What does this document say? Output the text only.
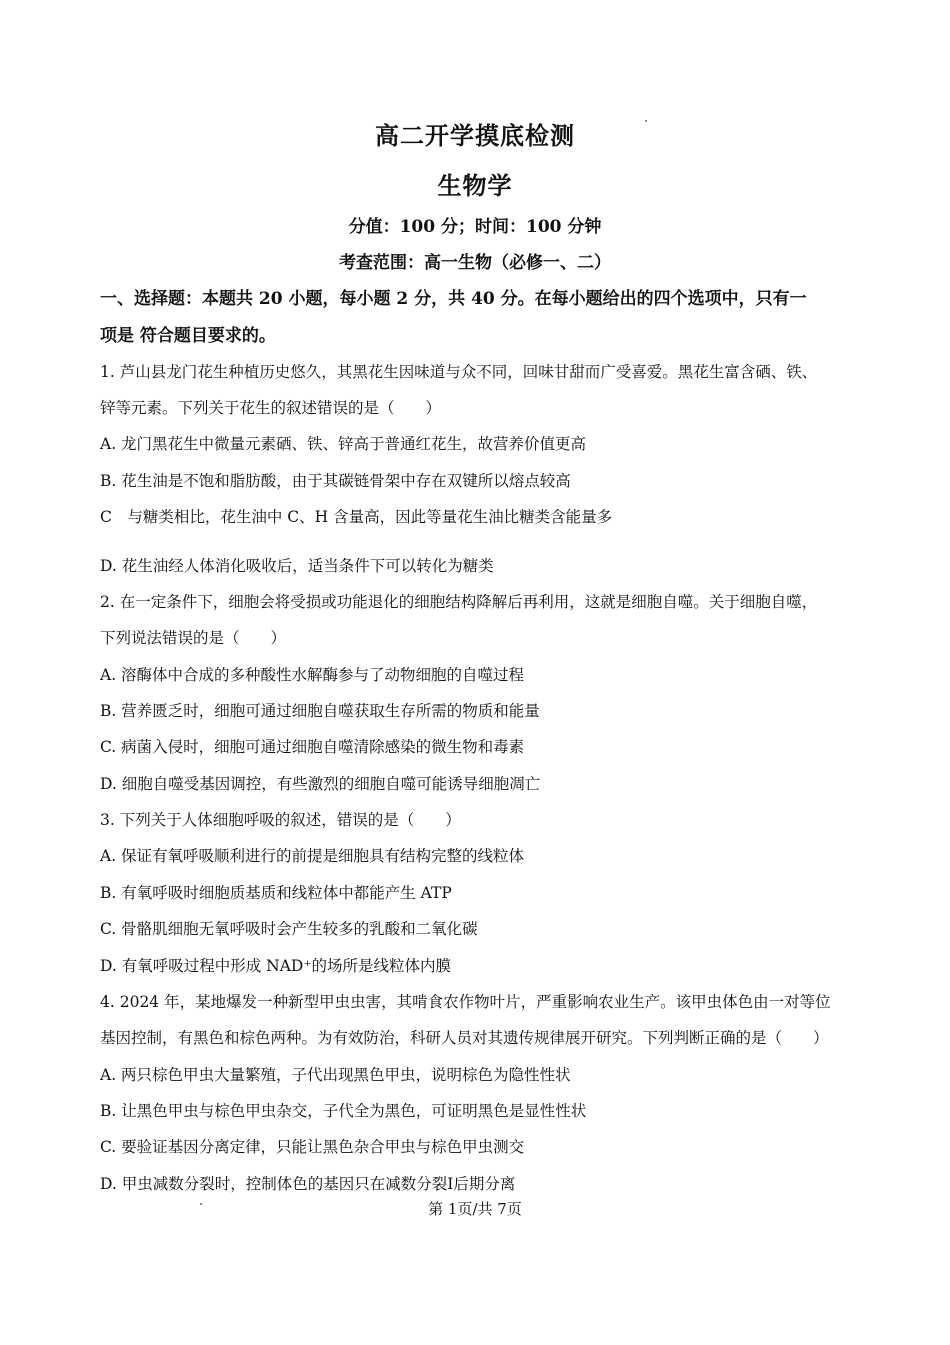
高二开学摸底检测
生物学
分值：100 分；时间：100 分钟
考查范围：高一生物（必修一、二）
一、选择题：本题共 20 小题，每小题 2 分，共 40 分。在每小题给出的四个选项中，只有一
项是 符合题目要求的。
1. 芦山县龙门花生种植历史悠久，其黑花生因味道与众不同，回味甘甜而广受喜爱。黑花生富含硒、铁、
锌等元素。下列关于花生的叙述错误的是（　　）
A. 龙门黑花生中微量元素硒、铁、锌高于普通红花生，故营养价值更高
B. 花生油是不饱和脂肪酸，由于其碳链骨架中存在双键所以熔点较高
C　与糖类相比，花生油中 C、H 含量高，因此等量花生油比糖类含能量多
D. 花生油经人体消化吸收后，适当条件下可以转化为糖类
2. 在一定条件下，细胞会将受损或功能退化的细胞结构降解后再利用，这就是细胞自噬。关于细胞自噬，
下列说法错误的是（　　）
A. 溶酶体中合成的多种酸性水解酶参与了动物细胞的自噬过程
B. 营养匮乏时，细胞可通过细胞自噬获取生存所需的物质和能量
C. 病菌入侵时，细胞可通过细胞自噬清除感染的微生物和毒素
D. 细胞自噬受基因调控，有些激烈的细胞自噬可能诱导细胞凋亡
3. 下列关于人体细胞呼吸的叙述，错误的是（　　）
A. 保证有氧呼吸顺利进行的前提是细胞具有结构完整的线粒体
B. 有氧呼吸时细胞质基质和线粒体中都能产生 ATP
C. 骨骼肌细胞无氧呼吸时会产生较多的乳酸和二氧化碳
D. 有氧呼吸过程中形成 NAD⁺的场所是线粒体内膜
4. 2024 年，某地爆发一种新型甲虫虫害，其啃食农作物叶片，严重影响农业生产。该甲虫体色由一对等位
基因控制，有黑色和棕色两种。为有效防治，科研人员对其遗传规律展开研究。下列判断正确的是（　　）
A. 两只棕色甲虫大量繁殖，子代出现黑色甲虫，说明棕色为隐性性状
B. 让黑色甲虫与棕色甲虫杂交，子代全为黑色，可证明黑色是显性性状
C. 要验证基因分离定律，只能让黑色杂合甲虫与棕色甲虫测交
D. 甲虫减数分裂时，控制体色的基因只在减数分裂Ⅰ后期分离
第 1页/共 7页
